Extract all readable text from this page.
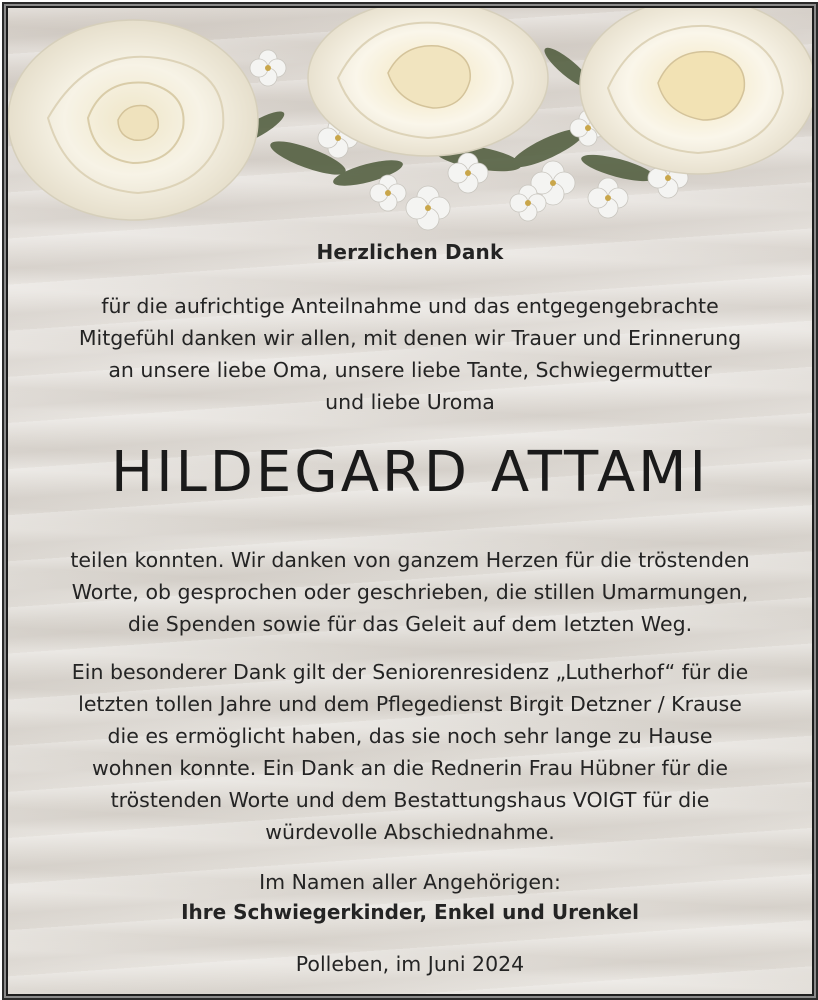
Herzlichen Dank

für die aufrichtige Anteilnahme und das entgegengebrachte
Mitgefühl danken wir allen, mit denen wir Trauer und Erinnerung
an unsere liebe Oma, unsere liebe Tante, Schwiegermutter
und liebe Uroma

HILDEGARD ATTAMI

teilen konnten. Wir danken von ganzem Herzen für die tröstenden
Worte, ob gesprochen oder geschrieben, die stillen Umarmungen,
die Spenden sowie für das Geleit auf dem letzten Weg.

Ein besonderer Dank gilt der Seniorenresidenz „Lutherhof“ für die
letzten tollen Jahre und dem Pflegedienst Birgit Detzner / Krause
die es ermöglicht haben, das sie noch sehr lange zu Hause
wohnen konnte. Ein Dank an die Rednerin Frau Hübner für die
tröstenden Worte und dem Bestattungshaus VOIGT für die
würdevolle Abschiednahme.

Im Namen aller Angehörigen:
Ihre Schwiegerkinder, Enkel und Urenkel
Polleben, im Juni 2024
